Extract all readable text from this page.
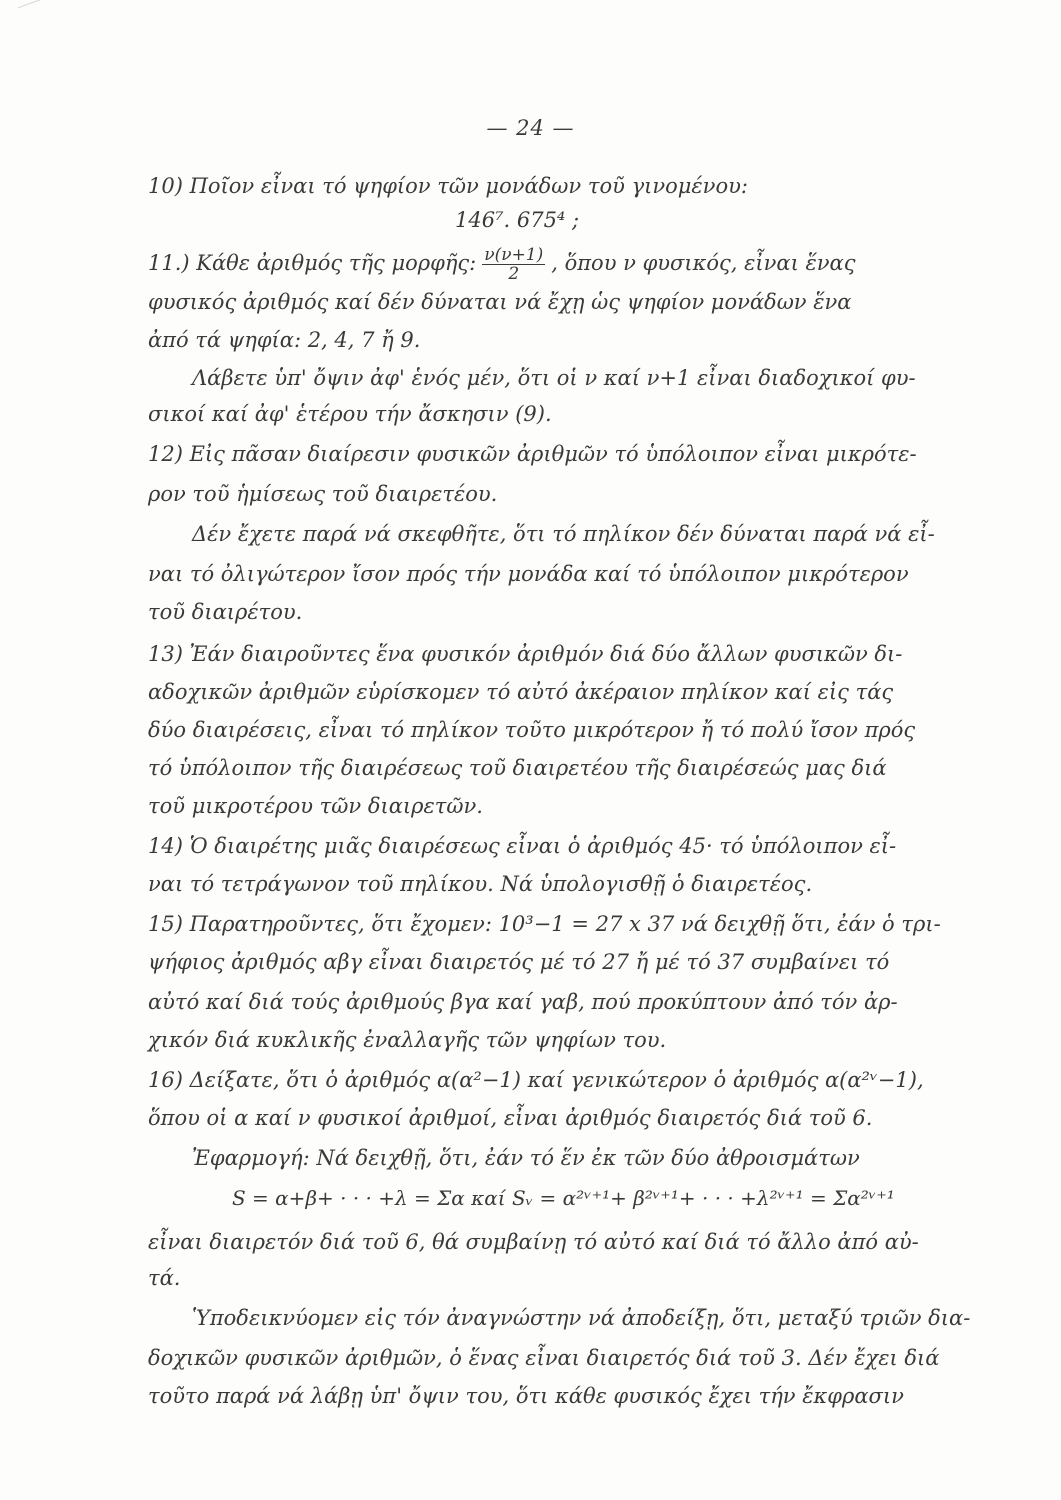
— 24 —
10) Ποῖον εἶναι τό ψηφίον τῶν μονάδων τοῦ γινομένου:
146⁷. 675⁴ ;
11.) Κάθε ἀριθμός τῆς μορφῆς: $\frac{\nu(\nu+1)}{2}$ , ὅπου ν φυσικός, εἶναι ἕνας
φυσικός ἀριθμός καί δέν δύναται νά ἔχῃ ὡς ψηφίον μονάδων ἕνα
ἀπό τά ψηφία: 2, 4, 7 ἤ 9.
Λάβετε ὑπ' ὄψιν ἀφ' ἑνός μέν, ὅτι οἱ ν καί ν+1 εἶναι διαδοχικοί φυ-
σικοί καί ἀφ' ἑτέρου τήν ἄσκησιν (9).
12) Εἰς πᾶσαν διαίρεσιν φυσικῶν ἀριθμῶν τό ὑπόλοιπον εἶναι μικρότε-
ρον τοῦ ἡμίσεως τοῦ διαιρετέου.
Δέν ἔχετε παρά νά σκεφθῆτε, ὅτι τό πηλίκον δέν δύναται παρά νά εἶ-
ναι τό ὀλιγώτερον ἴσον πρός τήν μονάδα καί τό ὑπόλοιπον μικρότερον
τοῦ διαιρέτου.
13) Ἐάν διαιροῦντες ἕνα φυσικόν ἀριθμόν διά δύο ἄλλων φυσικῶν δι-
αδοχικῶν ἀριθμῶν εὑρίσκομεν τό αὐτό ἀκέραιον πηλίκον καί εἰς τάς
δύο διαιρέσεις, εἶναι τό πηλίκον τοῦτο μικρότερον ἤ τό πολύ ἴσον πρός
τό ὑπόλοιπον τῆς διαιρέσεως τοῦ διαιρετέου τῆς διαιρέσεώς μας διά
τοῦ μικροτέρου τῶν διαιρετῶν.
14) Ὁ διαιρέτης μιᾶς διαιρέσεως εἶναι ὁ ἀριθμός 45· τό ὑπόλοιπον εἶ-
ναι τό τετράγωνον τοῦ πηλίκου. Νά ὑπολογισθῇ ὁ διαιρετέος.
15) Παρατηροῦντες, ὅτι ἔχομεν: 10³−1 = 27 x 37 νά δειχθῇ ὅτι, ἐάν ὁ τρι-
ψήφιος ἀριθμός αβγ εἶναι διαιρετός μέ τό 27 ἤ μέ τό 37 συμβαίνει τό
αὐτό καί διά τούς ἀριθμούς βγα καί γαβ, πού προκύπτουν ἀπό τόν ἀρ-
χικόν διά κυκλικῆς ἐναλλαγῆς τῶν ψηφίων του.
16) Δείξατε, ὅτι ὁ ἀριθμός α(α²−1) καί γενικώτερον ὁ ἀριθμός α(α²ᵛ−1),
ὅπου οἱ α καί ν φυσικοί ἀριθμοί, εἶναι ἀριθμός διαιρετός διά τοῦ 6.
Ἐφαρμογή: Νά δειχθῇ, ὅτι, ἐάν τό ἕν ἐκ τῶν δύο ἀθροισμάτων
S = α+β+ · · · +λ = Σα καί Sᵥ = α²ᵛ⁺¹+ β²ᵛ⁺¹+ · · · +λ²ᵛ⁺¹ = Σα²ᵛ⁺¹
εἶναι διαιρετόν διά τοῦ 6, θά συμβαίνῃ τό αὐτό καί διά τό ἄλλο ἀπό αὐ-
τά.
Ὑποδεικνύομεν εἰς τόν ἀναγνώστην νά ἀποδείξῃ, ὅτι, μεταξύ τριῶν δια-
δοχικῶν φυσικῶν ἀριθμῶν, ὁ ἕνας εἶναι διαιρετός διά τοῦ 3. Δέν ἔχει διά
τοῦτο παρά νά λάβῃ ὑπ' ὄψιν του, ὅτι κάθε φυσικός ἔχει τήν ἔκφρασιν
